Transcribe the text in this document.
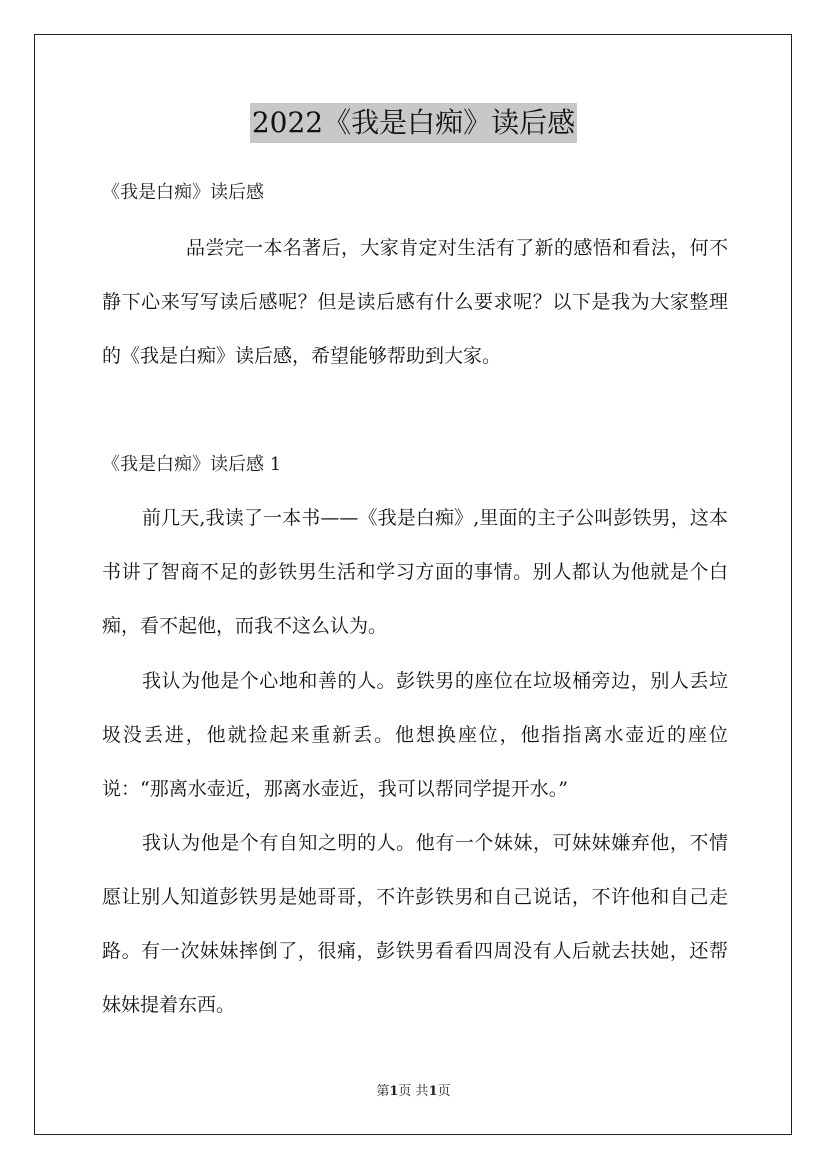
2022《我是白痴》读后感
《我是白痴》读后感

品尝完一本名著后，大家肯定对生活有了新的感悟和看法，何不静下心来写写读后感呢？但是读后感有什么要求呢？以下是我为大家整理的《我是白痴》读后感，希望能够帮助到大家。

《我是白痴》读后感 1

前几天,我读了一本书——《我是白痴》,里面的主子公叫彭铁男，这本书讲了智商不足的彭铁男生活和学习方面的事情。别人都认为他就是个白痴，看不起他，而我不这么认为。

我认为他是个心地和善的人。彭铁男的座位在垃圾桶旁边，别人丢垃圾没丢进，他就捡起来重新丢。他想换座位，他指指离水壶近的座位说：“那离水壶近，那离水壶近，我可以帮同学提开水。”

我认为他是个有自知之明的人。他有一个妹妹，可妹妹嫌弃他，不情愿让别人知道彭铁男是她哥哥，不许彭铁男和自己说话，不许他和自己走路。有一次妹妹摔倒了，很痛，彭铁男看看四周没有人后就去扶她，还帮妹妹提着东西。

第1页 共1页
